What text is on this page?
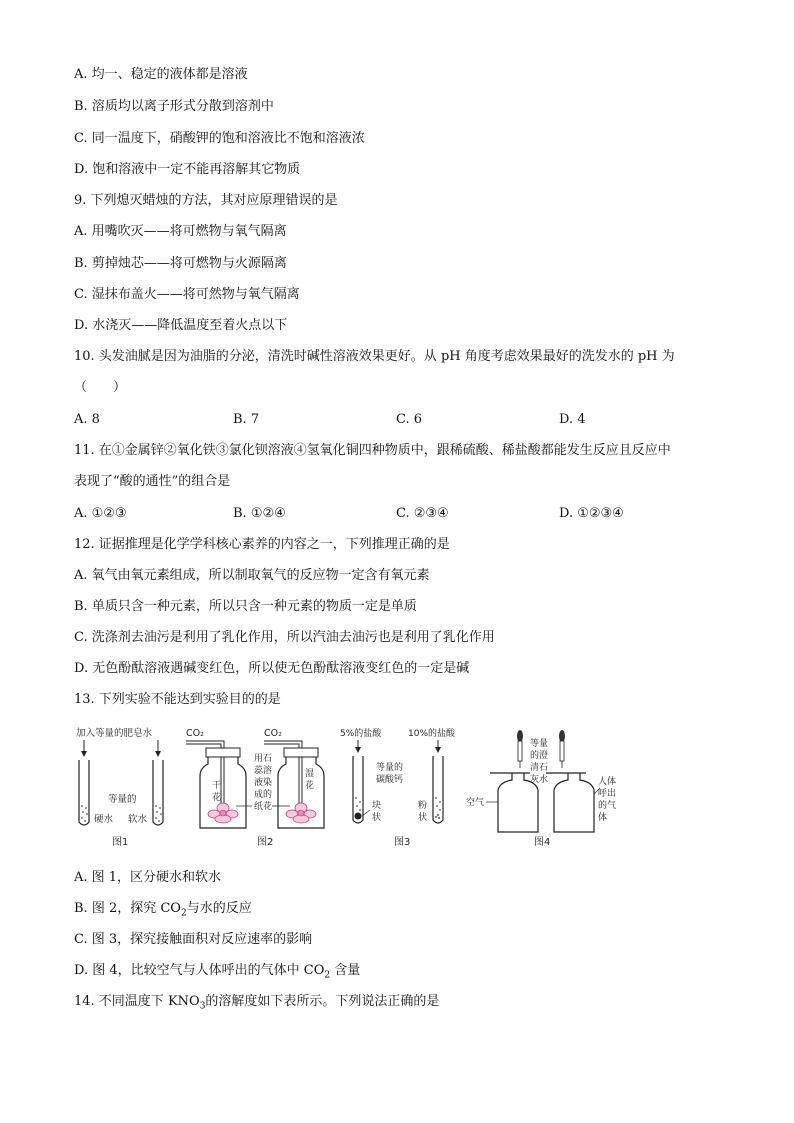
A. 均一、稳定的液体都是溶液
B. 溶质均以离子形式分散到溶剂中
C. 同一温度下，硝酸钾的饱和溶液比不饱和溶液浓
D. 饱和溶液中一定不能再溶解其它物质
9. 下列熄灭蜡烛的方法，其对应原理错误的是
A. 用嘴吹灭——将可燃物与氧气隔离
B. 剪掉烛芯——将可燃物与火源隔离
C. 湿抹布盖火——将可然物与氧气隔离
D. 水浇灭——降低温度至着火点以下
10. 头发油腻是因为油脂的分泌，清洗时碱性溶液效果更好。从 pH 角度考虑效果最好的洗发水的 pH 为
（　　）
A. 8	B. 7	C. 6	D. 4
11. 在①金属锌②氧化铁③氯化钡溶液④氢氧化铜四种物质中，跟稀硫酸、稀盐酸都能发生反应且反应中
表现了“酸的通性”的组合是
A. ①②③	B. ①②④	C. ②③④	D. ①②③④
12. 证据推理是化学学科核心素养的内容之一，下列推理正确的是
A. 氧气由氧元素组成，所以制取氧气的反应物一定含有氧元素
B. 单质只含一种元素，所以只含一种元素的物质一定是单质
C. 洗涤剂去油污是利用了乳化作用，所以汽油去油污也是利用了乳化作用
D. 无色酚酞溶液遇碱变红色，所以使无色酚酞溶液变红色的一定是碱
13. 下列实验不能达到实验目的的是
加入等量的肥皂水
等量的
硬水 软水
图1
CO₂	CO₂
干
花
用石
蕊溶
液染
成的
纸花
湿
花
图2
5%的盐酸	10%的盐酸
等量的
碳酸钙
块
状
粉
状
图3
等量
的澄
清石
灰水
空气
人体
呼出
的气
体
图4
A. 图 1，区分硬水和软水
B. 图 2，探究 $CO_2$与水的反应
C. 图 3，探究接触面积对反应速率的影响
D. 图 4，比较空气与人体呼出的气体中 $CO_2$ 含量
14. 不同温度下 $KNO_3$的溶解度如下表所示。下列说法正确的是
